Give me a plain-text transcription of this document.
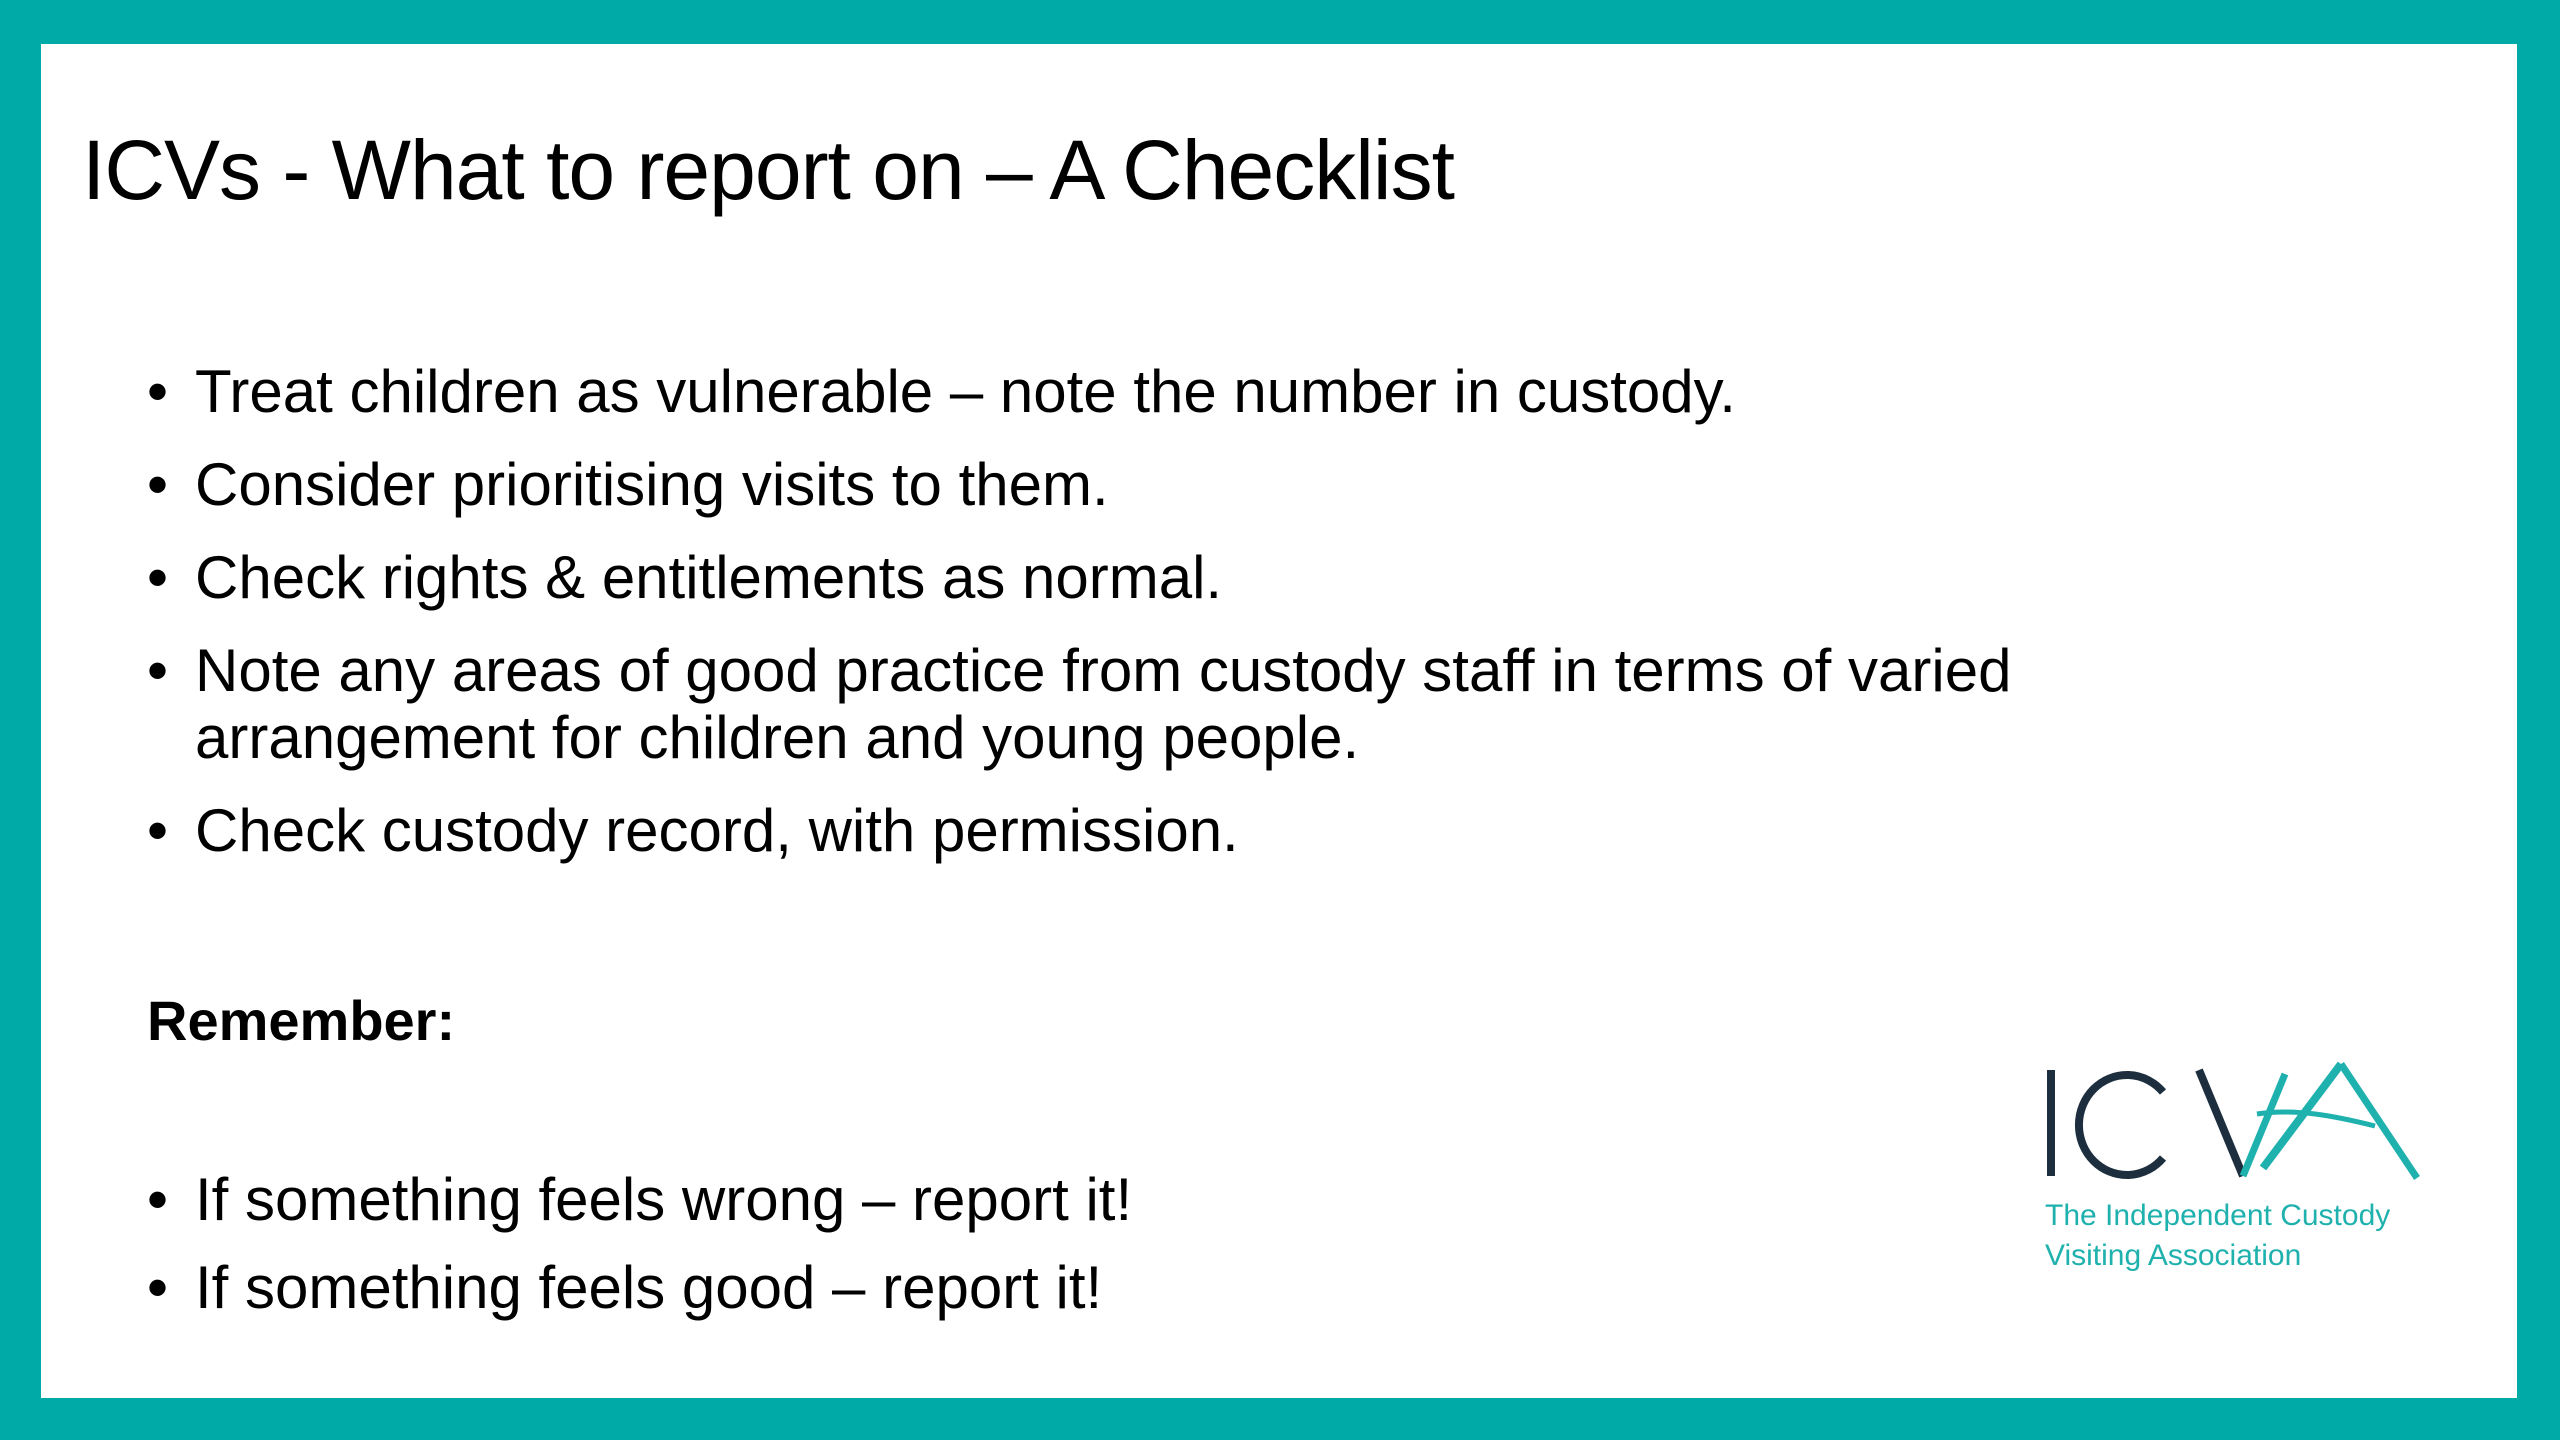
ICVs - What to report on – A Checklist
• Treat children as vulnerable – note the number in custody.
• Consider prioritising visits to them.
• Check rights & entitlements as normal.
• Note any areas of good practice from custody staff in terms of varied arrangement for children and young people.
• Check custody record, with permission.

Remember:

• If something feels wrong – report it!
• If something feels good – report it!
The Independent Custody
Visiting Association
